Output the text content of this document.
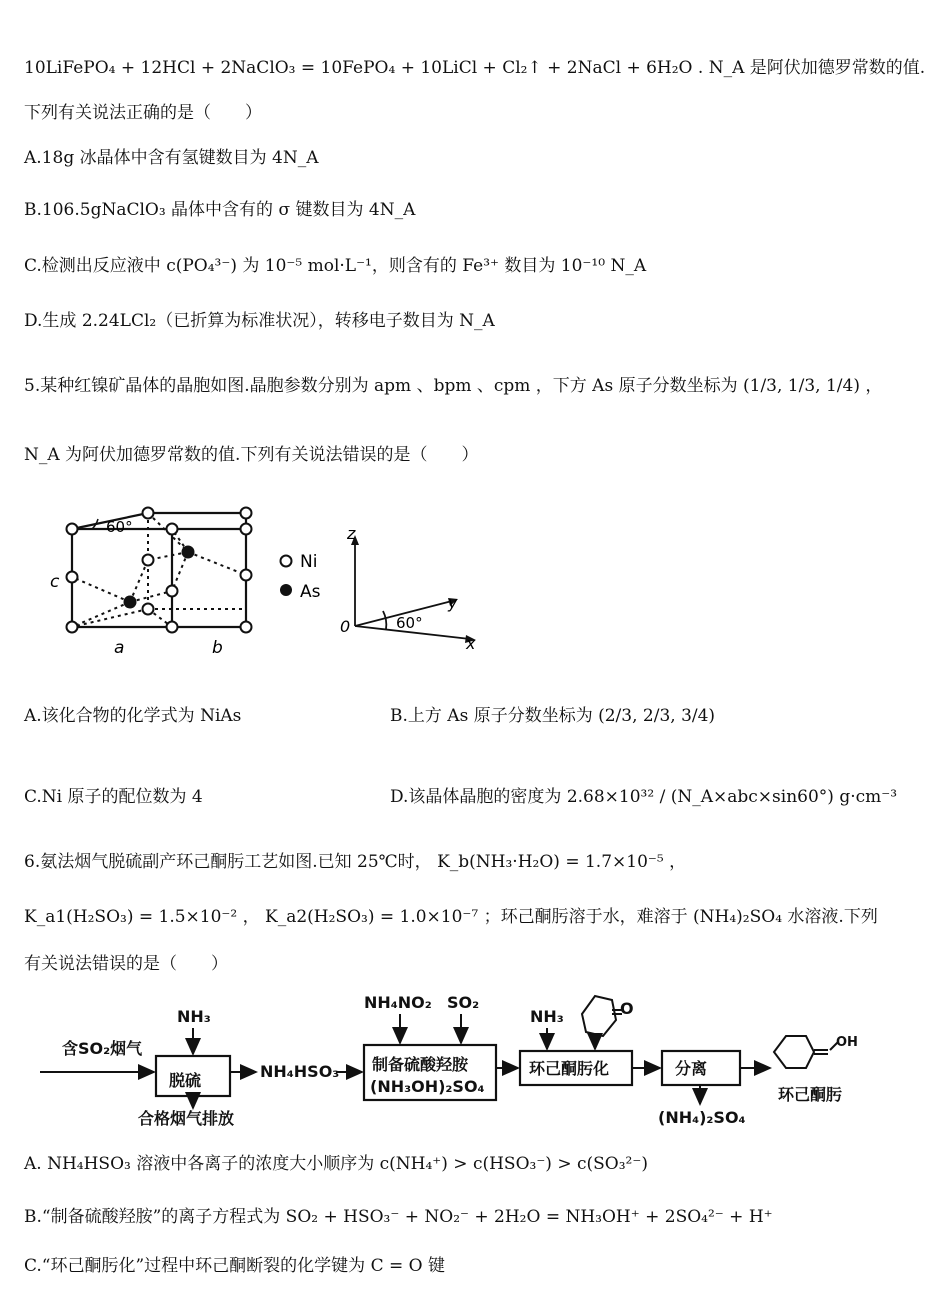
10LiFePO₄ + 12HCl + 2NaClO₃ = 10FePO₄ + 10LiCl + Cl₂↑ + 2NaCl + 6H₂O . N_A 是阿伏加德罗常数的值.
下列有关说法正确的是（　　）
A.18g 冰晶体中含有氢键数目为 4N_A
B.106.5gNaClO₃ 晶体中含有的 σ 键数目为 4N_A
C.检测出反应液中 c(PO₄³⁻) 为 10⁻⁵ mol·L⁻¹，则含有的 Fe³⁺ 数目为 10⁻¹⁰ N_A
D.生成 2.24LCl₂（已折算为标准状况），转移电子数目为 N_A
5.某种红镍矿晶体的晶胞如图.晶胞参数分别为 apm 、bpm 、cpm ，下方 As 原子分数坐标为 (1/3, 1/3, 1/4) ，
N_A 为阿伏加德罗常数的值.下列有关说法错误的是（　　）
60°
a	b
c
Ni
As
z
y
x
0	60°
A.该化合物的化学式为 NiAs	B.上方 As 原子分数坐标为 (2/3, 2/3, 3/4)
C.Ni 原子的配位数为 4	D.该晶体晶胞的密度为 2.68×10³² / (N_A×abc×sin60°) g·cm⁻³
6.氨法烟气脱硫副产环己酮肟工艺如图.已知 25℃时， K_b(NH₃·H₂O) = 1.7×10⁻⁵ ，
K_a1(H₂SO₃) = 1.5×10⁻² ， K_a2(H₂SO₃) = 1.0×10⁻⁷ ；环己酮肟溶于水，难溶于 (NH₄)₂SO₄ 水溶液.下列
有关说法错误的是（　　）
含SO₂烟气
NH₃
脱硫
合格烟气排放
NH₄HSO₃
NH₄NO₂ SO₂
制备硫酸羟胺
(NH₃OH)₂SO₄
NH₃	O
环己酮肟化	分离
(NH₄)₂SO₄
OH
环己酮肟
A. NH₄HSO₃ 溶液中各离子的浓度大小顺序为 c(NH₄⁺) > c(HSO₃⁻) > c(SO₃²⁻)
B.“制备硫酸羟胺”的离子方程式为 SO₂ + HSO₃⁻ + NO₂⁻ + 2H₂O = NH₃OH⁺ + 2SO₄²⁻ + H⁺
C.“环己酮肟化”过程中环己酮断裂的化学键为 C = O 键
